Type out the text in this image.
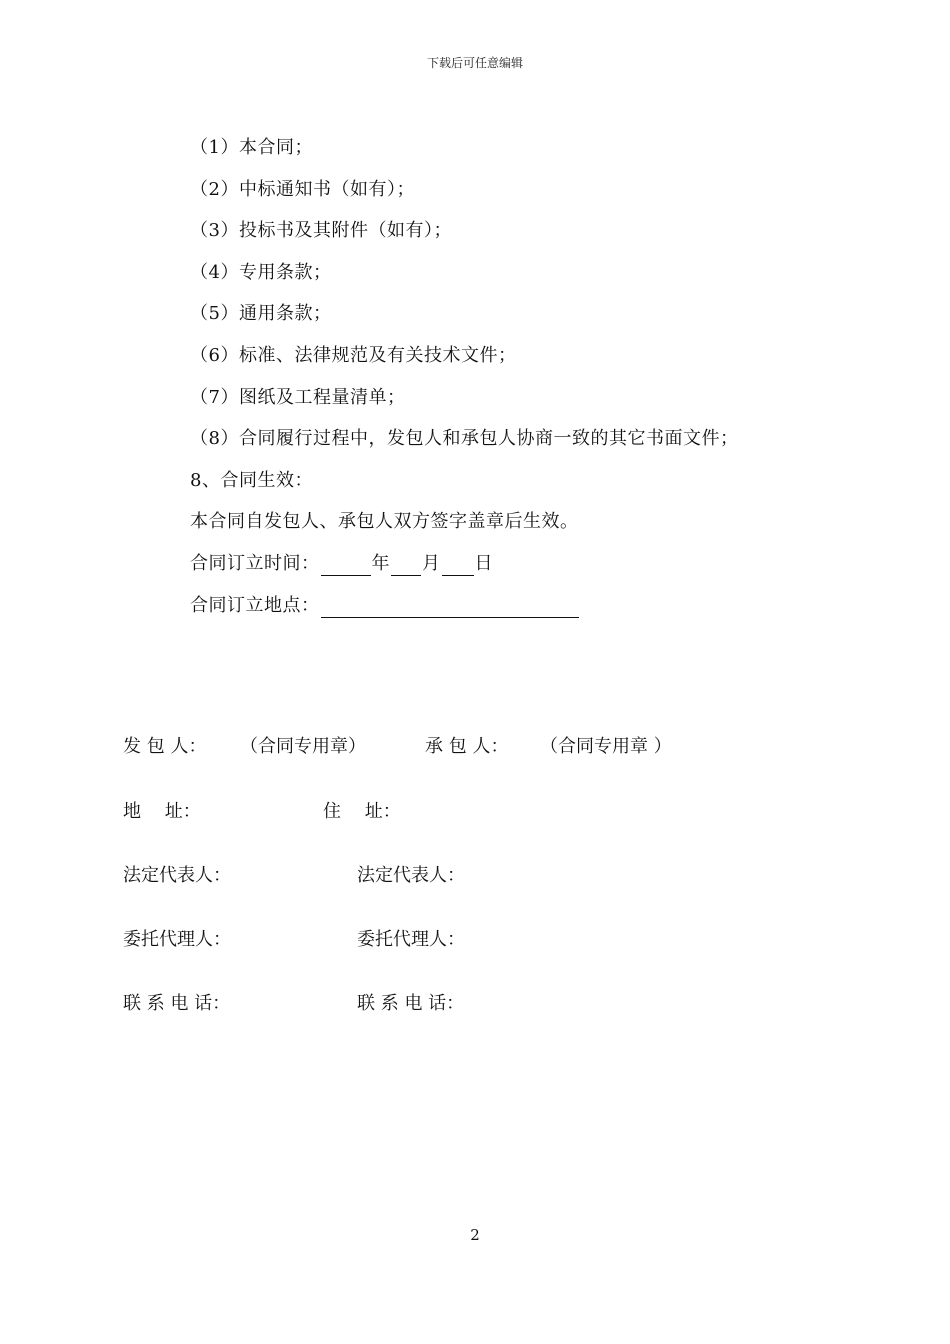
下载后可任意编辑
（1）本合同；
（2）中标通知书（如有）；
（3）投标书及其附件（如有）；
（4）专用条款；
（5）通用条款；
（6）标准、法律规范及有关技术文件；
（7）图纸及工程量清单；
（8）合同履行过程中，发包人和承包人协商一致的其它书面文件；
8、合同生效：
本合同自发包人、承包人双方签字盖章后生效。
合同订立时间：	年 月 日
合同订立地点：
发 包 人： （合同专用章）	承 包 人： （合同专用章 ）
地　 址：	住　 址：
法定代表人：	法定代表人：
委托代理人：	委托代理人：
联 系 电 话：	联 系 电 话：
2
